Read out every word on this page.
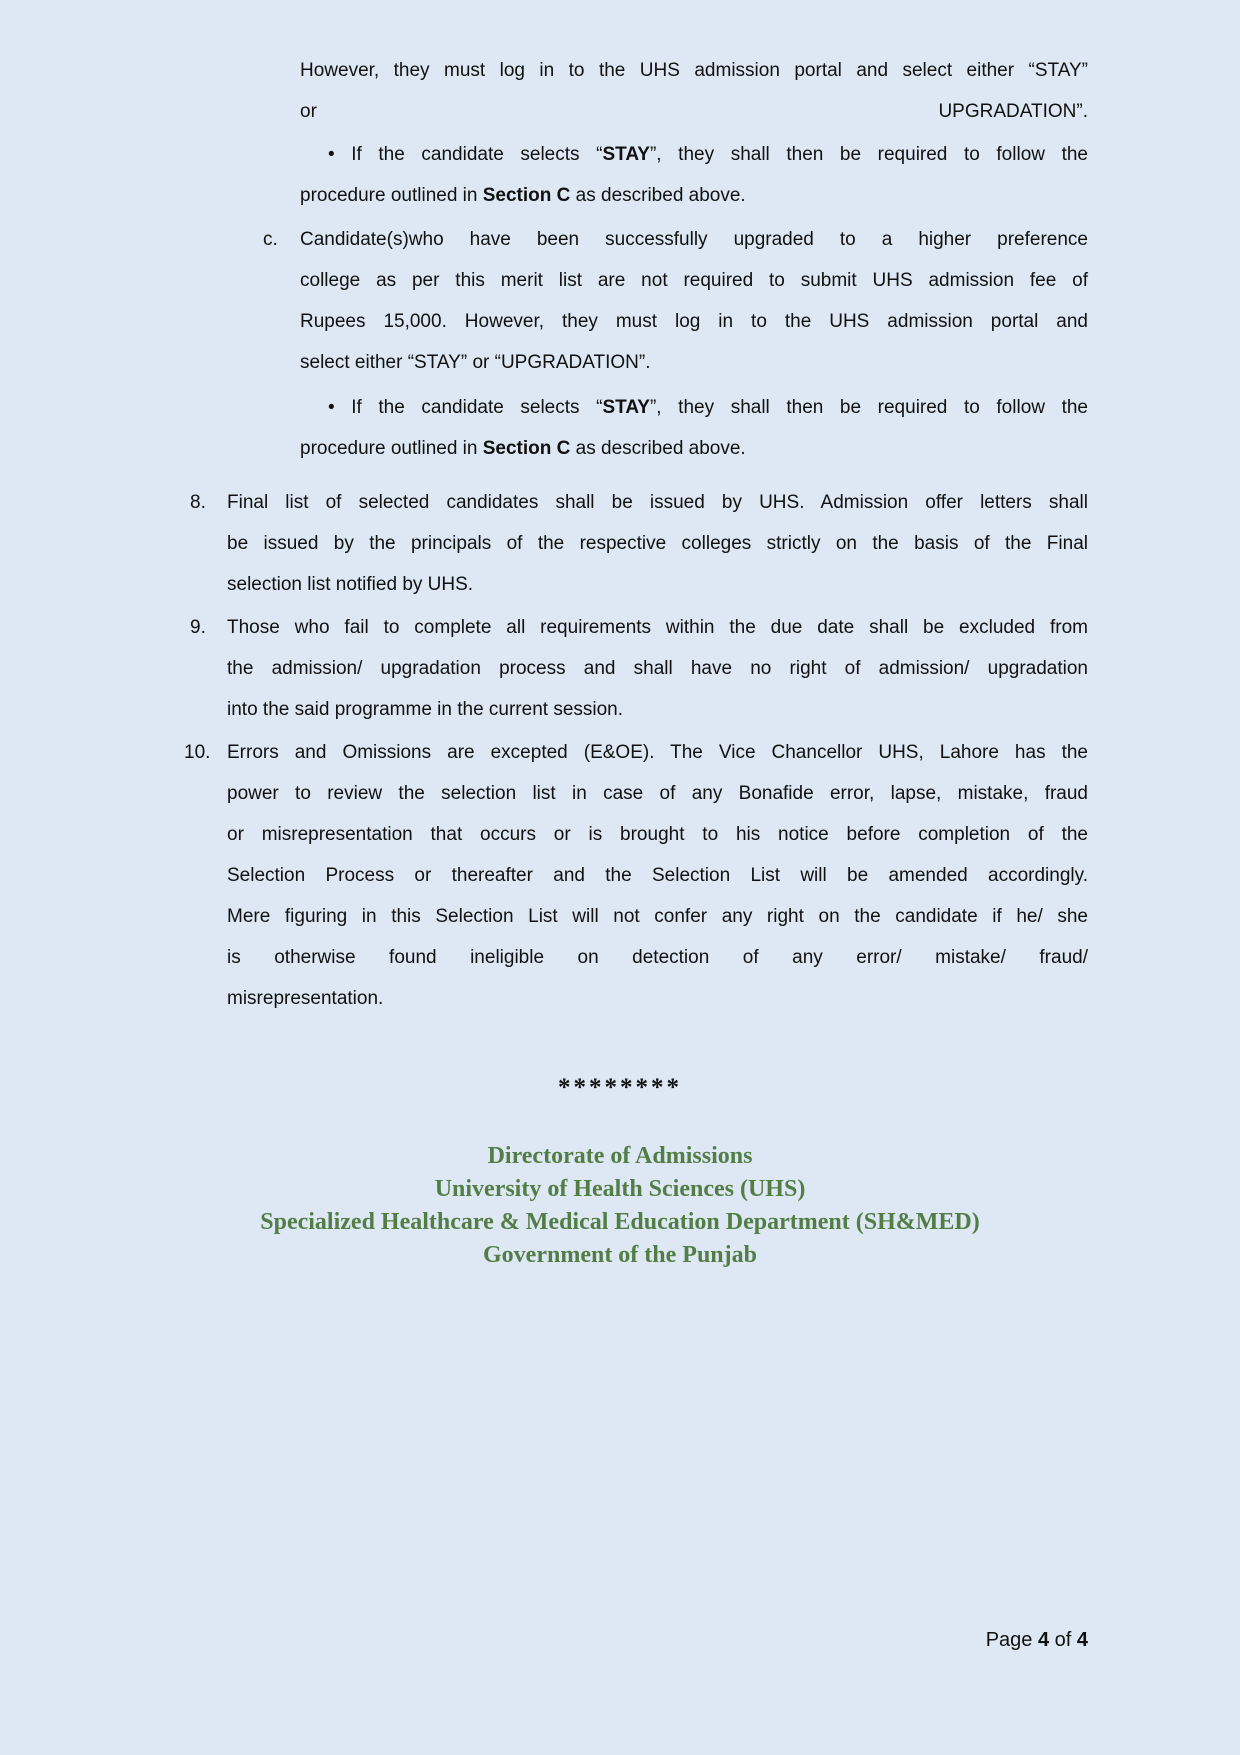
However, they must log in to the UHS admission portal and select either “STAY”
or UPGRADATION”.
• If the candidate selects “STAY”, they shall then be required to follow the
procedure outlined in Section C as described above.
c. Candidate(s)who have been successfully upgraded to a higher preference
college as per this merit list are not required to submit UHS admission fee of
Rupees 15,000. However, they must log in to the UHS admission portal and
select either “STAY” or “UPGRADATION”.
• If the candidate selects “STAY”, they shall then be required to follow the
procedure outlined in Section C as described above.
8. Final list of selected candidates shall be issued by UHS. Admission offer letters shall
be issued by the principals of the respective colleges strictly on the basis of the Final
selection list notified by UHS.
9. Those who fail to complete all requirements within the due date shall be excluded from
the admission/ upgradation process and shall have no right of admission/ upgradation
into the said programme in the current session.
10. Errors and Omissions are excepted (E&OE). The Vice Chancellor UHS, Lahore has the
power to review the selection list in case of any Bonafide error, lapse, mistake, fraud
or misrepresentation that occurs or is brought to his notice before completion of the
Selection Process or thereafter and the Selection List will be amended accordingly.
Mere figuring in this Selection List will not confer any right on the candidate if he/ she
is otherwise found ineligible on detection of any error/ mistake/ fraud/
misrepresentation.
********
Directorate of Admissions
University of Health Sciences (UHS)
Specialized Healthcare & Medical Education Department (SH&MED)
Government of the Punjab
Page 4 of 4
